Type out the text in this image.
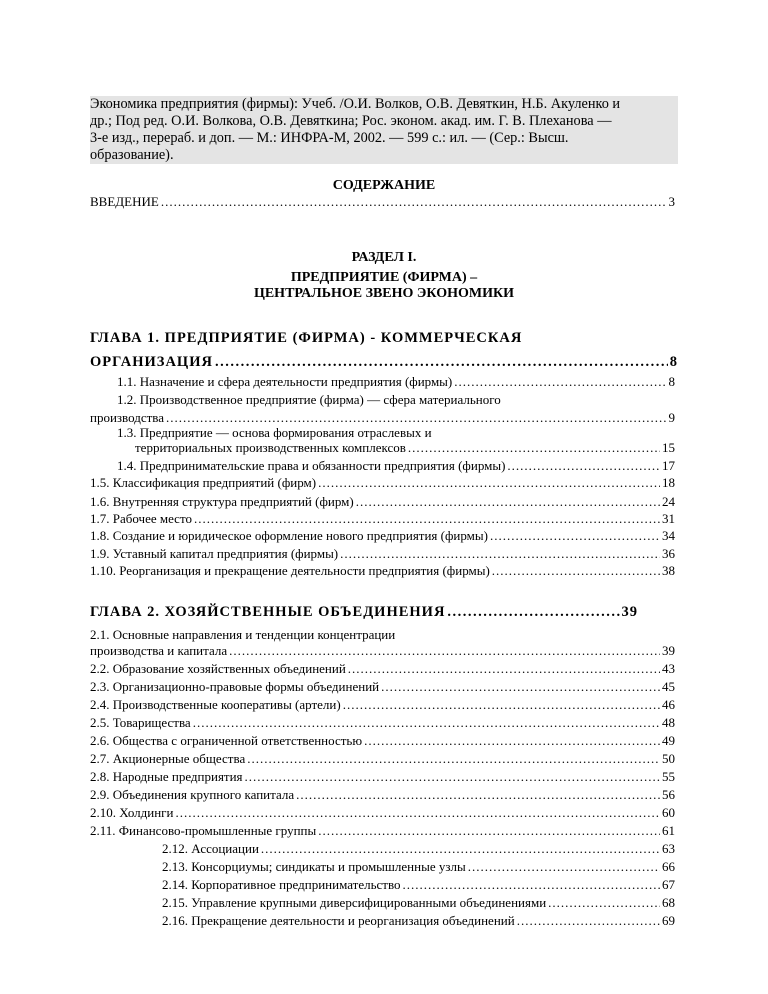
Экономика предприятия (фирмы): Учеб. /О.И. Волков, О.В. Девяткин, Н.Б. Акуленко и
др.; Под ред. О.И. Волкова, О.В. Девяткина; Рос. эконом. акад. им. Г. В. Плеханова —
3-е изд., перераб. и доп. — М.: ИНФРА-М, 2002. — 599 с.: ил. — (Сер.: Высш.
образование).
СОДЕРЖАНИЕ
ВВЕДЕНИЕ .....	3
РАЗДЕЛ I.
ПРЕДПРИЯТИЕ (ФИРМА) –
ЦЕНТРАЛЬНОЕ ЗВЕНО ЭКОНОМИКИ
ГЛАВА 1. ПРЕДПРИЯТИЕ (ФИРМА) - КОММЕРЧЕСКАЯ
ОРГАНИЗАЦИЯ .....	8
1.1. Назначение и сфера деятельности предприятия (фирмы) .....	8
1.2. Производственное предприятие (фирма) — сфера материального
производства .....	9
1.3. Предприятие — основа формирования отраслевых и
территориальных производственных комплексов .....	15
1.4. Предпринимательские права и обязанности предприятия (фирмы) .....	17
1.5. Классификация предприятий (фирм) .....	18
1.6. Внутренняя структура предприятий (фирм) .....	24
1.7. Рабочее место .....	31
1.8. Создание и юридическое оформление нового предприятия (фирмы) .....	34
1.9. Уставный капитал предприятия (фирмы) .....	36
1.10. Реорганизация и прекращение деятельности предприятия (фирмы) .....	38
ГЛАВА 2. ХОЗЯЙСТВЕННЫЕ ОБЪЕДИНЕНИЯ .....	39
2.1. Основные направления и тенденции концентрации
производства и капитала .....	39
2.2. Образование хозяйственных объединений .....	43
2.3. Организационно-правовые формы объединений .....	45
2.4. Производственные кооперативы (артели) .....	46
2.5. Товарищества .....	48
2.6. Общества с ограниченной ответственностью .....	49
2.7. Акционерные общества .....	50
2.8. Народные предприятия .....	55
2.9. Объединения крупного капитала .....	56
2.10. Холдинги .....	60
2.11. Финансово-промышленные группы .....	61
2.12. Ассоциации .....	63
2.13. Консорциумы; синдикаты и промышленные узлы .....	66
2.14. Корпоративное предпринимательство .....	67
2.15. Управление крупными диверсифицированными объединениями .....	68
2.16. Прекращение деятельности и реорганизация объединений .....	69
